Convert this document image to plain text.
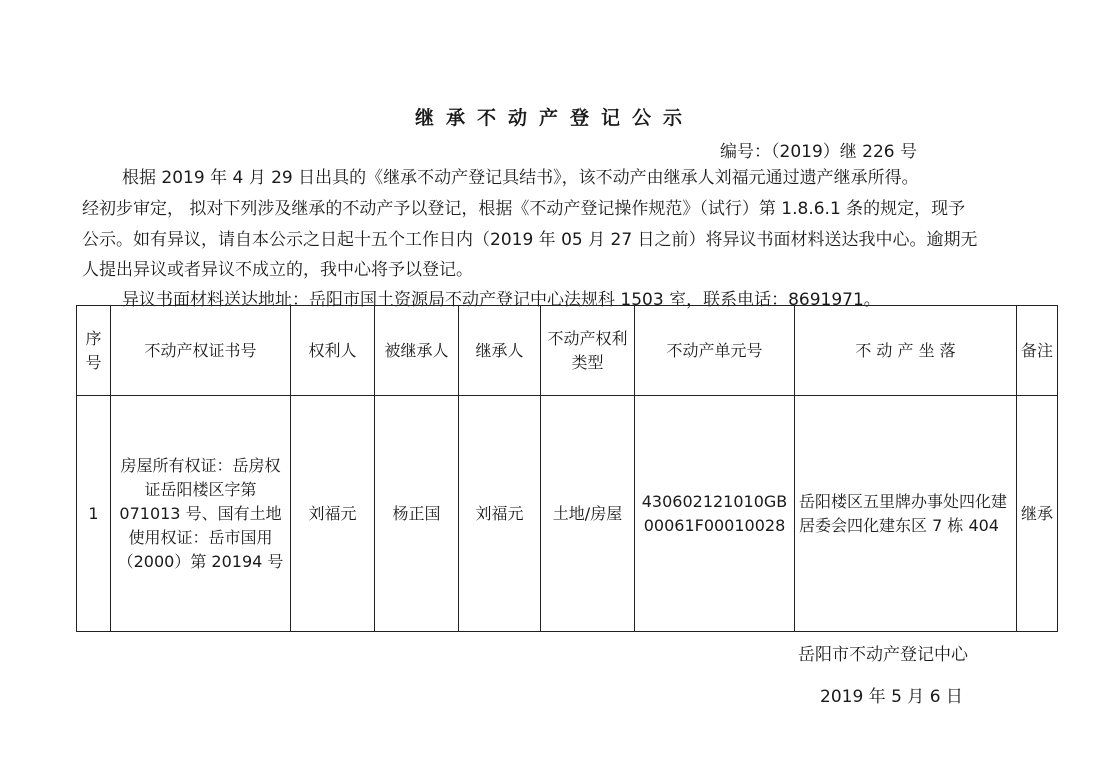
继承不动产登记公示
编号：（2019）继 226 号
根据 2019 年 4 月 29 日出具的《继承不动产登记具结书》，该不动产由继承人刘福元通过遗产继承所得。
经初步审定， 拟对下列涉及继承的不动产予以登记，根据《不动产登记操作规范》（试行）第 1.8.6.1 条的规定，现予
公示。如有异议，请自本公示之日起十五个工作日内（2019 年 05 月 27 日之前）将异议书面材料送达我中心。逾期无
人提出异议或者异议不成立的，我中心将予以登记。
异议书面材料送达地址：岳阳市国土资源局不动产登记中心法规科 1503 室，联系电话：8691971。
序号	不动产权证书号	权利人	被继承人	继承人	不动产权利类型	不动产单元号	不 动 产 坐 落	备注
1	房屋所有权证：岳房权证岳阳楼区字第 071013 号、国有土地使用权证：岳市国用（2000）第 20194 号	刘福元	杨正国	刘福元	土地/房屋	430602121010GB00061F00010028	岳阳楼区五里牌办事处四化建居委会四化建东区 7 栋 404	继承
岳阳市不动产登记中心
2019 年 5 月 6 日
